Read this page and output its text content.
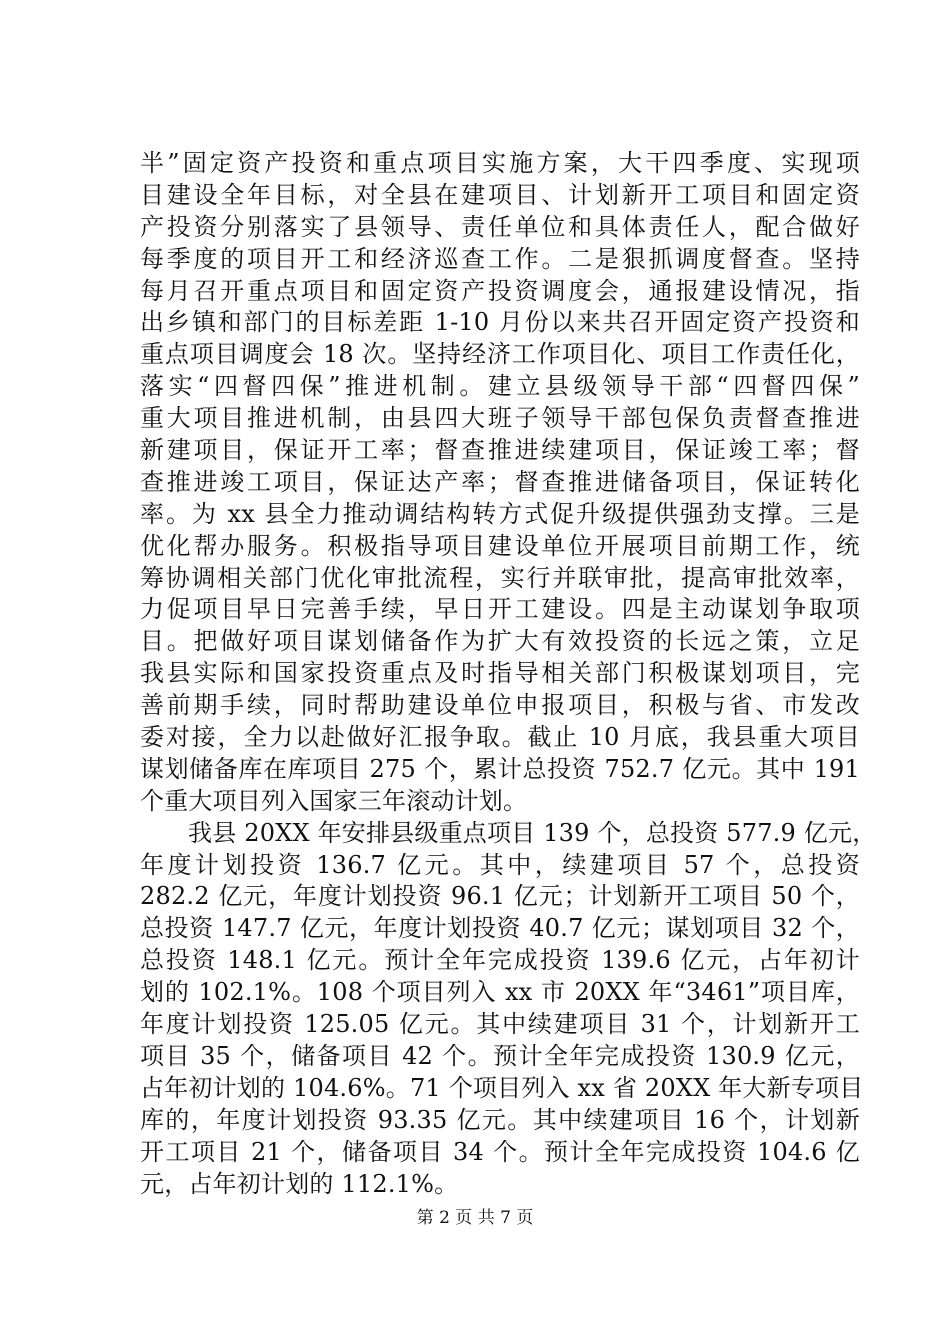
半”固定资产投资和重点项目实施方案，大干四季度、实现项
目建设全年目标，对全县在建项目、计划新开工项目和固定资
产投资分别落实了县领导、责任单位和具体责任人，配合做好
每季度的项目开工和经济巡查工作。二是狠抓调度督查。坚持
每月召开重点项目和固定资产投资调度会，通报建设情况，指
出乡镇和部门的目标差距 1-10 月份以来共召开固定资产投资和
重点项目调度会 18 次。坚持经济工作项目化、项目工作责任化，
落实“四督四保”推进机制。建立县级领导干部“四督四保”
重大项目推进机制，由县四大班子领导干部包保负责督查推进
新建项目，保证开工率；督查推进续建项目，保证竣工率；督
查推进竣工项目，保证达产率；督查推进储备项目，保证转化
率。为 xx 县全力推动调结构转方式促升级提供强劲支撑。三是
优化帮办服务。积极指导项目建设单位开展项目前期工作，统
筹协调相关部门优化审批流程，实行并联审批，提高审批效率，
力促项目早日完善手续，早日开工建设。四是主动谋划争取项
目。把做好项目谋划储备作为扩大有效投资的长远之策，立足
我县实际和国家投资重点及时指导相关部门积极谋划项目，完
善前期手续，同时帮助建设单位申报项目，积极与省、市发改
委对接，全力以赴做好汇报争取。截止 10 月底，我县重大项目
谋划储备库在库项目 275 个，累计总投资 752.7 亿元。其中 191
个重大项目列入国家三年滚动计划。
我县 20XX 年安排县级重点项目 139 个，总投资 577.9 亿元，
年度计划投资 136.7 亿元。其中，续建项目 57 个，总投资
282.2 亿元，年度计划投资 96.1 亿元；计划新开工项目 50 个，
总投资 147.7 亿元，年度计划投资 40.7 亿元；谋划项目 32 个，
总投资 148.1 亿元。预计全年完成投资 139.6 亿元，占年初计
划的 102.1%。108 个项目列入 xx 市 20XX 年“3461”项目库，
年度计划投资 125.05 亿元。其中续建项目 31 个，计划新开工
项目 35 个，储备项目 42 个。预计全年完成投资 130.9 亿元，
占年初计划的 104.6%。71 个项目列入 xx 省 20XX 年大新专项目
库的，年度计划投资 93.35 亿元。其中续建项目 16 个，计划新
开工项目 21 个，储备项目 34 个。预计全年完成投资 104.6 亿
元，占年初计划的 112.1%。
第 2 页 共 7 页
